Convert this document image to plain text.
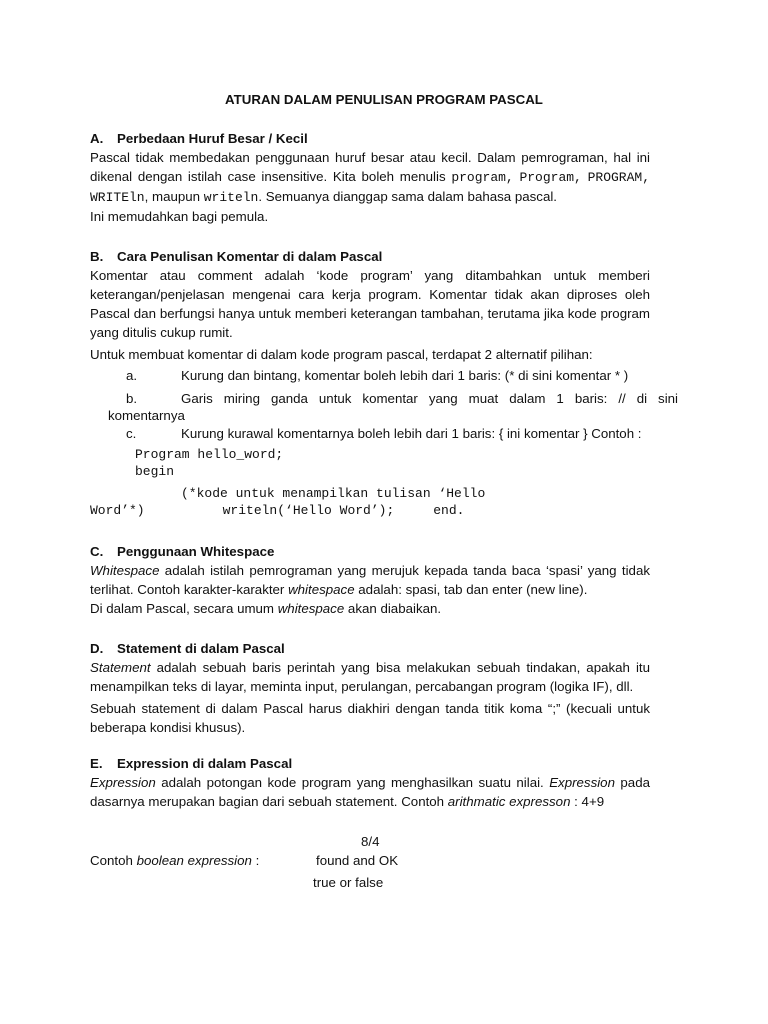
ATURAN DALAM PENULISAN PROGRAM PASCAL
A. Perbedaan Huruf Besar / Kecil

Pascal tidak membedakan penggunaan huruf besar atau kecil. Dalam pemrograman, hal ini dikenal dengan istilah case insensitive. Kita boleh menulis program, Program, PROGRAM, WRITEln, maupun writeln. Semuanya dianggap sama dalam bahasa pascal.

Ini memudahkan bagi pemula.

B. Cara Penulisan Komentar di dalam Pascal

Komentar atau comment adalah ‘kode program’ yang ditambahkan untuk memberi keterangan/penjelasan mengenai cara kerja program. Komentar tidak akan diproses oleh Pascal dan berfungsi hanya untuk memberi keterangan tambahan, terutama jika kode program yang ditulis cukup rumit.

Untuk membuat komentar di dalam kode program pascal, terdapat 2 alternatif pilihan:

a.	Kurung dan bintang, komentar boleh lebih dari 1 baris: (* di sini komentar * )
b.	Garis miring ganda untuk komentar yang muat dalam 1 baris: // di sini
komentarnya
c.	Kurung kurawal komentarnya boleh lebih dari 1 baris: { ini komentar } Contoh :
Program hello_word;
begin
(*kode untuk menampilkan tulisan ‘Hello
Word’*)          writeln(‘Hello Word’);     end.
C. Penggunaan Whitespace

Whitespace adalah istilah pemrograman yang merujuk kepada tanda baca ‘spasi’ yang tidak terlihat. Contoh karakter-karakter whitespace adalah: spasi, tab dan enter (new line).

Di dalam Pascal, secara umum whitespace akan diabaikan.

D. Statement di dalam Pascal

Statement adalah sebuah baris perintah yang bisa melakukan sebuah tindakan, apakah itu menampilkan teks di layar, meminta input, perulangan, percabangan program (logika IF), dll.

Sebuah statement di dalam Pascal harus diakhiri dengan tanda titik koma “;” (kecuali untuk beberapa kondisi khusus).

E. Expression di dalam Pascal

Expression adalah potongan kode program yang menghasilkan suatu nilai. Expression pada dasarnya merupakan bagian dari sebuah statement. Contoh arithmatic expresson : 4+9

8/4
Contoh boolean expression :	found and OK
true or false
